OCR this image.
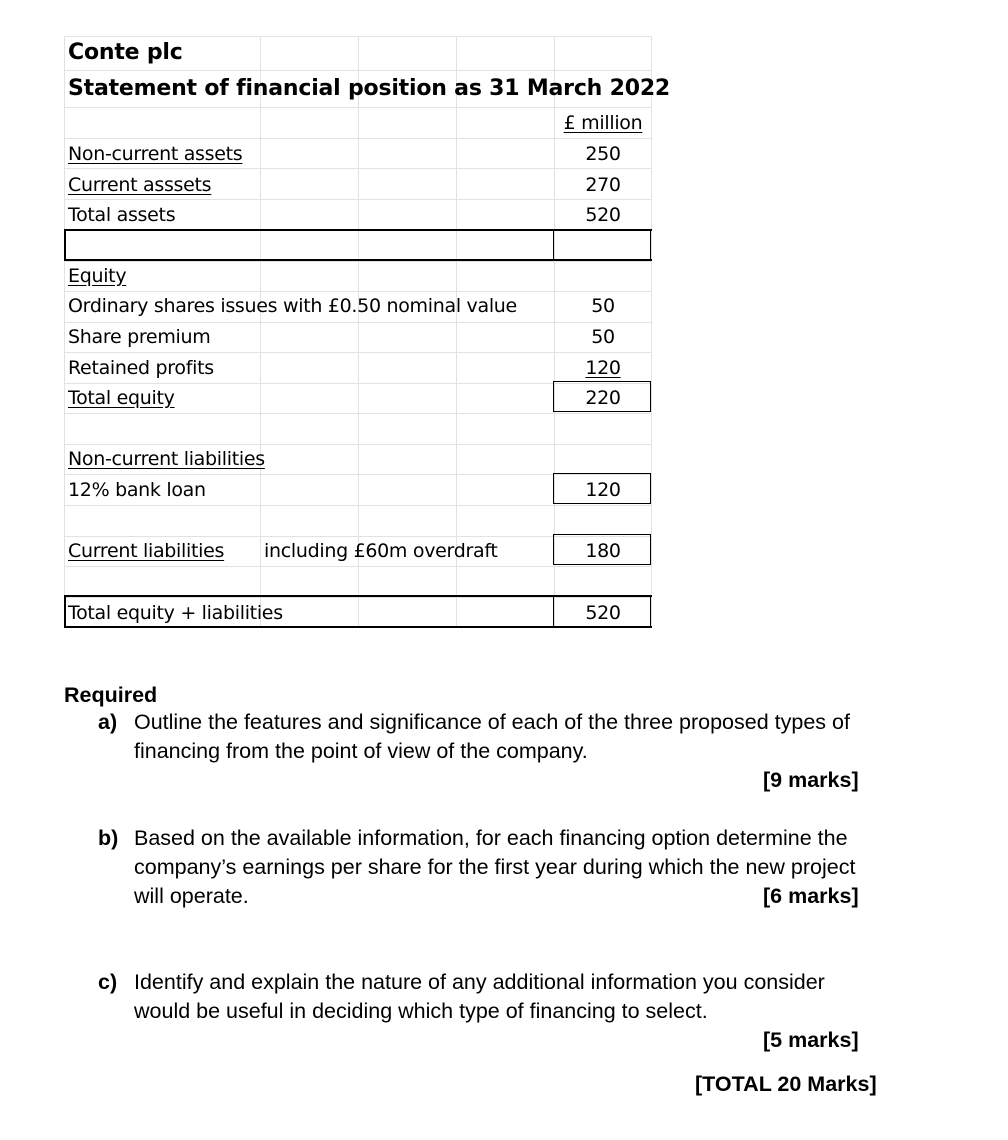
Conte plc
Statement of financial position as 31 March 2022
£ million
Non-current assets	250
Current asssets	270
Total assets	520
Equity
Ordinary shares issues with £0.50 nominal value	50
Share premium	50
Retained profits	120
Total equity	220
Non-current liabilities
12% bank loan	120
Current liabilities including £60m overdraft	180
Total equity + liabilities	520
Required
a) Outline the features and significance of each of the three proposed types of
financing from the point of view of the company.
[9 marks]
b) Based on the available information, for each financing option determine the
company’s earnings per share for the first year during which the new project
will operate.	[6 marks]
c) Identify and explain the nature of any additional information you consider
would be useful in deciding which type of financing to select.
[5 marks]
[TOTAL 20 Marks]
